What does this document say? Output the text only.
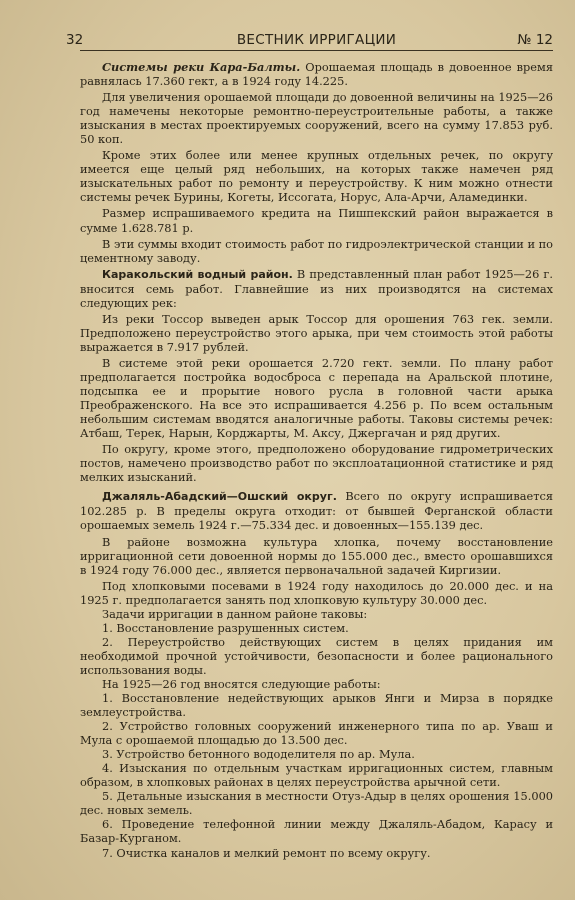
32	ВЕСТНИК ИРРИГАЦИИ	№ 12

Системы реки Кара-Балты. Орошаемая площадь в довоенное время равнялась 17.360 гект, а в 1924 году 14.225.

Для увеличения орошаемой площади до довоенной величины на 1925—26 год намечены некоторые ремонтно-переустроительные работы, а также изыскания в местах проектируемых сооружений, всего на сумму 17.853 руб. 50 коп.

Кроме этих более или менее крупных отдельных речек, по округу имеется еще целый ряд небольших, на которых также намечен ряд изыскательных работ по ремонту и переустройству. К ним можно отнести системы речек Бурины, Когеты, Иссогата, Норус, Ала-Арчи, Аламединки.

Размер испрашиваемого кредита на Пишпекский район выражается в сумме 1.628.781 р.

В эти суммы входит стоимость работ по гидроэлектрической станции и по цементному заводу.

Каракольский водный район. В представленный план работ 1925—26 г. вносится семь работ. Главнейшие из них производятся на системах следующих рек:

Из реки Тоссор выведен арык Тоссор для орошения 763 гек. земли. Предположено переустройство этого арыка, при чем стоимость этой работы выражается в 7.917 рублей.

В системе этой реки орошается 2.720 гект. земли. По плану работ предполагается постройка водосброса с перепада на Аральской плотине, подсыпка ее и прорытие нового русла в головной части арыка Преображенского. На все это испрашивается 4.256 р. По всем остальным небольшим системам вводятся аналогичные работы. Таковы системы речек: Атбаш, Терек, Нарын, Корджарты, М. Аксу, Джергачан и ряд других.

По округу, кроме этого, предположено оборудование гидрометрических постов, намечено производство работ по эксплоатационной статистике и ряд мелких изысканий.

Джаляль-Абадский—Ошский округ. Всего по округу испрашивается 102.285 р. В пределы округа отходит: от бывшей Ферганской области орошаемых земель 1924 г.—75.334 дес. и довоенных—155.139 дес.

В районе возможна культура хлопка, почему восстановление ирригационной сети довоенной нормы до 155.000 дес., вместо орошавшихся в 1924 году 76.000 дес., является первоначальной задачей Киргизии.

Под хлопковыми посевами в 1924 году находилось до 20.000 дес. и на 1925 г. предполагается занять под хлопковую культуру 30.000 дес.

Задачи ирригации в данном районе таковы:

1. Восстановление разрушенных систем.

2. Переустройство действующих систем в целях придания им необходимой прочной устойчивости, безопасности и более рационального использования воды.

На 1925—26 год вносятся следующие работы:

1. Восстановление недействующих арыков Янги и Мирза в порядке землеустройства.

2. Устройство головных сооружений инженерного типа по ар. Уваш и Мула с орошаемой площадью до 13.500 дес.

3. Устройство бетонного вододелителя по ар. Мула.

4. Изыскания по отдельным участкам ирригационных систем, главным образом, в хлопковых районах в целях переустройства арычной сети.

5. Детальные изыскания в местности Отуз-Адыр в целях орошения 15.000 дес. новых земель.

6. Проведение телефонной линии между Джаляль-Абадом, Карасу и Базар-Курганом.

7. Очистка каналов и мелкий ремонт по всему округу.
